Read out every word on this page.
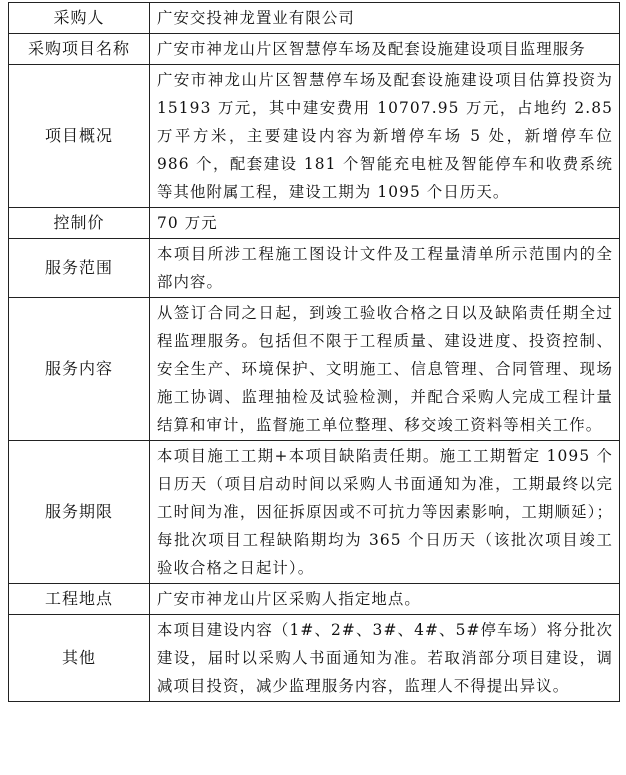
采购人	广安交投神龙置业有限公司

采购项目名称	广安市神龙山片区智慧停车场及配套设施建设项目监理服务

项目概况	广安市神龙山片区智慧停车场及配套设施建设项目估算投资为 15193 万元，其中建安费用 10707.95 万元，占地约 2.85 万平方米，主要建设内容为新增停车场 5 处，新增停车位 986 个，配套建设 181 个智能充电桩及智能停车和收费系统等其他附属工程，建设工期为 1095 个日历天。

控制价	70 万元

服务范围	本项目所涉工程施工图设计文件及工程量清单所示范围内的全部内容。

服务内容	从签订合同之日起，到竣工验收合格之日以及缺陷责任期全过程监理服务。包括但不限于工程质量、建设进度、投资控制、安全生产、环境保护、文明施工、信息管理、合同管理、现场施工协调、监理抽检及试验检测，并配合采购人完成工程计量结算和审计，监督施工单位整理、移交竣工资料等相关工作。

服务期限	本项目施工工期+本项目缺陷责任期。施工工期暂定 1095 个日历天（项目启动时间以采购人书面通知为准，工期最终以完工时间为准，因征拆原因或不可抗力等因素影响，工期顺延）；每批次项目工程缺陷期均为 365 个日历天（该批次项目竣工验收合格之日起计）。

工程地点	广安市神龙山片区采购人指定地点。

其他	本项目建设内容（1#、2#、3#、4#、5#停车场）将分批次建设，届时以采购人书面通知为准。若取消部分项目建设，调减项目投资，减少监理服务内容，监理人不得提出异议。
